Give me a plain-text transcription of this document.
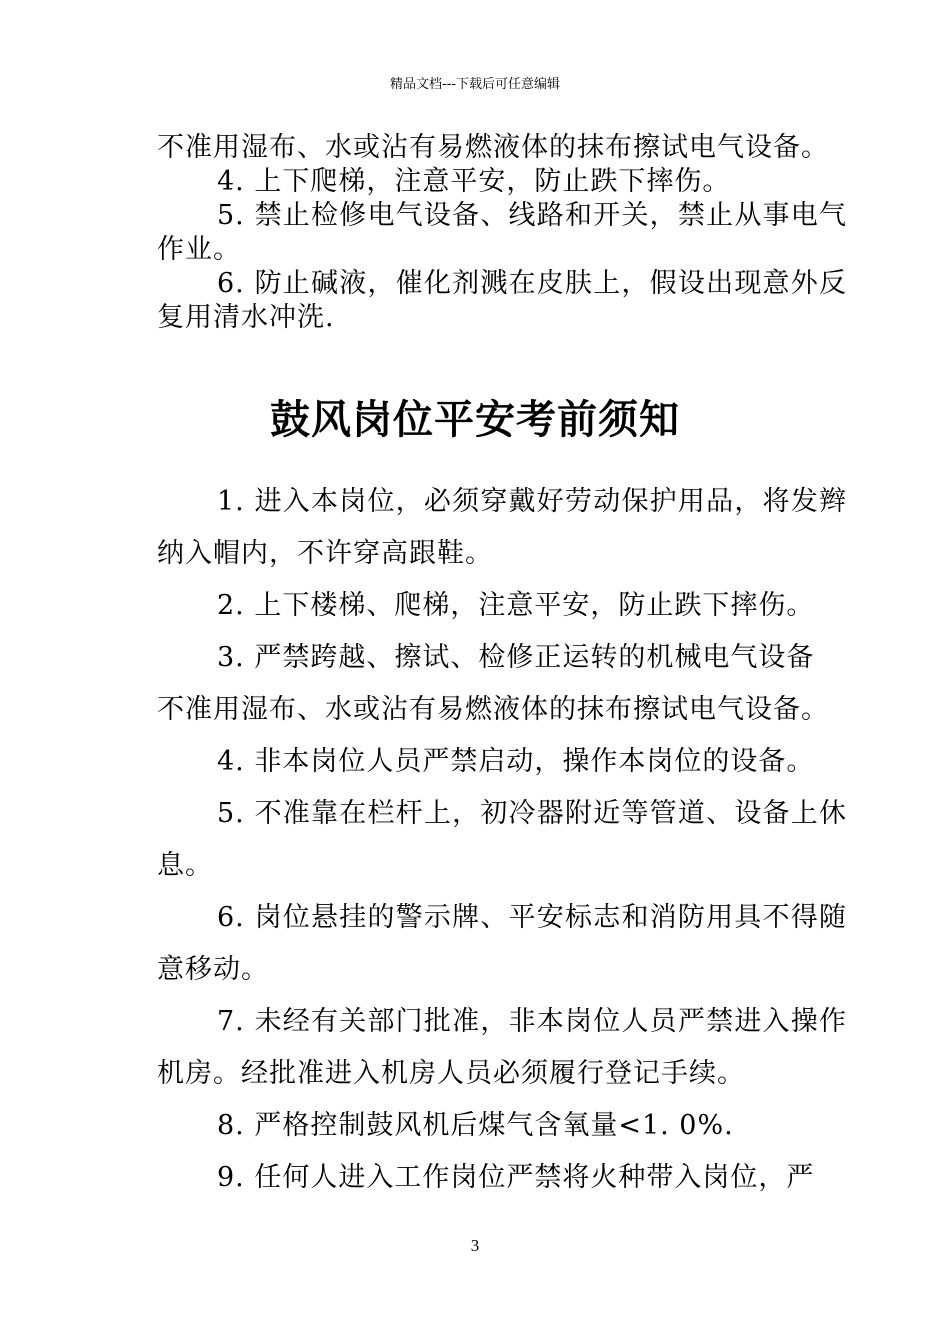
精品文档---下载后可任意编辑

不准用湿布、水或沾有易燃液体的抹布擦试电气设备。

4. 上下爬梯，注意平安，防止跌下摔伤。

5. 禁止检修电气设备、线路和开关，禁止从事电气作业。

6. 防止碱液，催化剂溅在皮肤上，假设出现意外反复用清水冲洗.

鼓风岗位平安考前须知

1. 进入本岗位，必须穿戴好劳动保护用品，将发辫纳入帽内，不许穿高跟鞋。

2. 上下楼梯、爬梯，注意平安，防止跌下摔伤。

3. 严禁跨越、擦试、检修正运转的机械电气设备

不准用湿布、水或沾有易燃液体的抹布擦试电气设备。

4. 非本岗位人员严禁启动，操作本岗位的设备。

5. 不准靠在栏杆上，初冷器附近等管道、设备上休息。

6. 岗位悬挂的警示牌、平安标志和消防用具不得随意移动。

7. 未经有关部门批准，非本岗位人员严禁进入操作机房。经批准进入机房人员必须履行登记手续。

8. 严格控制鼓风机后煤气含氧量<1. 0%.

9. 任何人进入工作岗位严禁将火种带入岗位，严

3
